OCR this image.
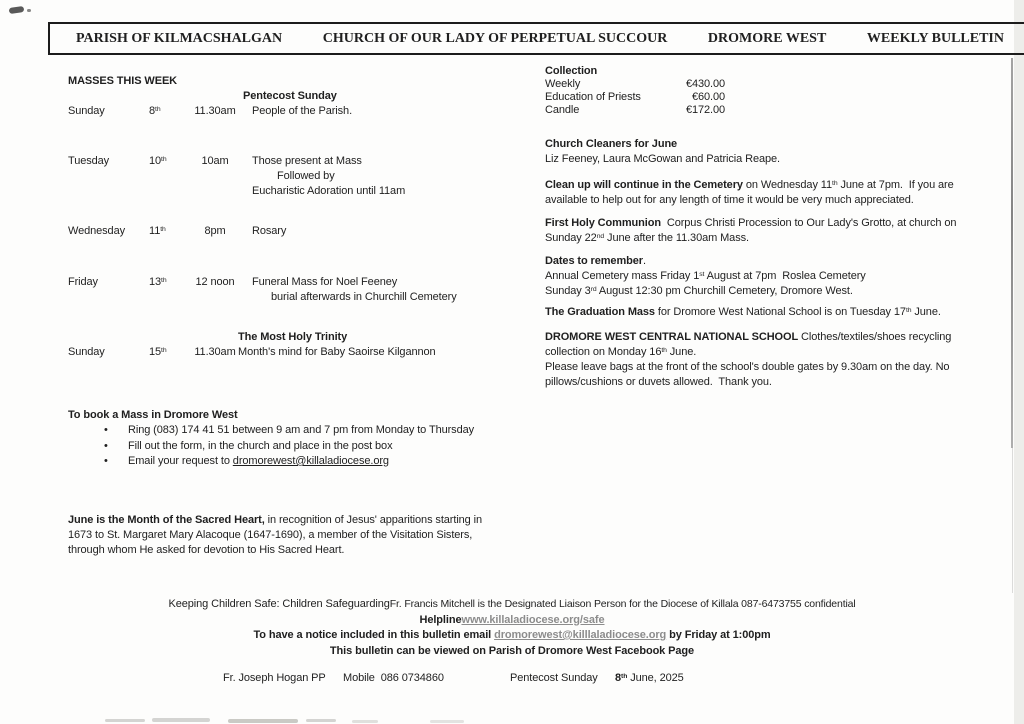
PARISH OF KILMACSHALGAN	CHURCH OF OUR LADY OF PERPETUAL SUCCOUR	DROMORE WEST	WEEKLY BULLETIN
MASSES THIS WEEK
Pentecost Sunday
Sunday	8th	11.30am	People of the Parish.
Tuesday	10th	10am	Those present at Mass
Followed by
Eucharistic Adoration until 11am
Wednesday	11th	8pm	Rosary
Friday	13th	12 noon	Funeral Mass for Noel Feeney
burial afterwards in Churchill Cemetery
The Most Holy Trinity
Sunday	15th	11.30am Month's mind for Baby Saoirse Kilgannon
To book a Mass in Dromore West
•	Ring (083) 174 41 51 between 9 am and 7 pm from Monday to Thursday
•	Fill out the form, in the church and place in the post box
•	Email your request to dromorewest@killaladiocese.org

June is the Month of the Sacred Heart, in recognition of Jesus' apparitions starting in 1673 to St. Margaret Mary Alacoque (1647-1690), a member of the Visitation Sisters, through whom He asked for devotion to His Sacred Heart.

Collection
Weekly	€430.00
Education of Priests	€60.00
Candle	€172.00
Church Cleaners for June
Liz Feeney, Laura McGowan and Patricia Reape.
Clean up will continue in the Cemetery on Wednesday 11th June at 7pm.  If you are available to help out for any length of time it would be very much appreciated.
First Holy Communion  Corpus Christi Procession to Our Lady's Grotto, at church on Sunday 22nd June after the 11.30am Mass.
Dates to remember.
Annual Cemetery mass Friday 1st August at 7pm  Roslea Cemetery
Sunday 3rd August 12:30 pm Churchill Cemetery, Dromore West.
The Graduation Mass for Dromore West National School is on Tuesday 17th June.
DROMORE WEST CENTRAL NATIONAL SCHOOL Clothes/textiles/shoes recycling collection on Monday 16th June.
Please leave bags at the front of the school's double gates by 9.30am on the day. No pillows/cushions or duvets allowed.  Thank you.
Keeping Children Safe: Children SafeguardingFr. Francis Mitchell is the Designated Liaison Person for the Diocese of Killala 087-6473755 confidential
Helplinewww.killaladiocese.org/safe
To have a notice included in this bulletin email dromorewest@killlaladiocese.org by Friday at 1:00pm
This bulletin can be viewed on Parish of Dromore West Facebook Page
Fr. Joseph Hogan PP Mobile  086 0734860	Pentecost Sunday 8th June, 2025
